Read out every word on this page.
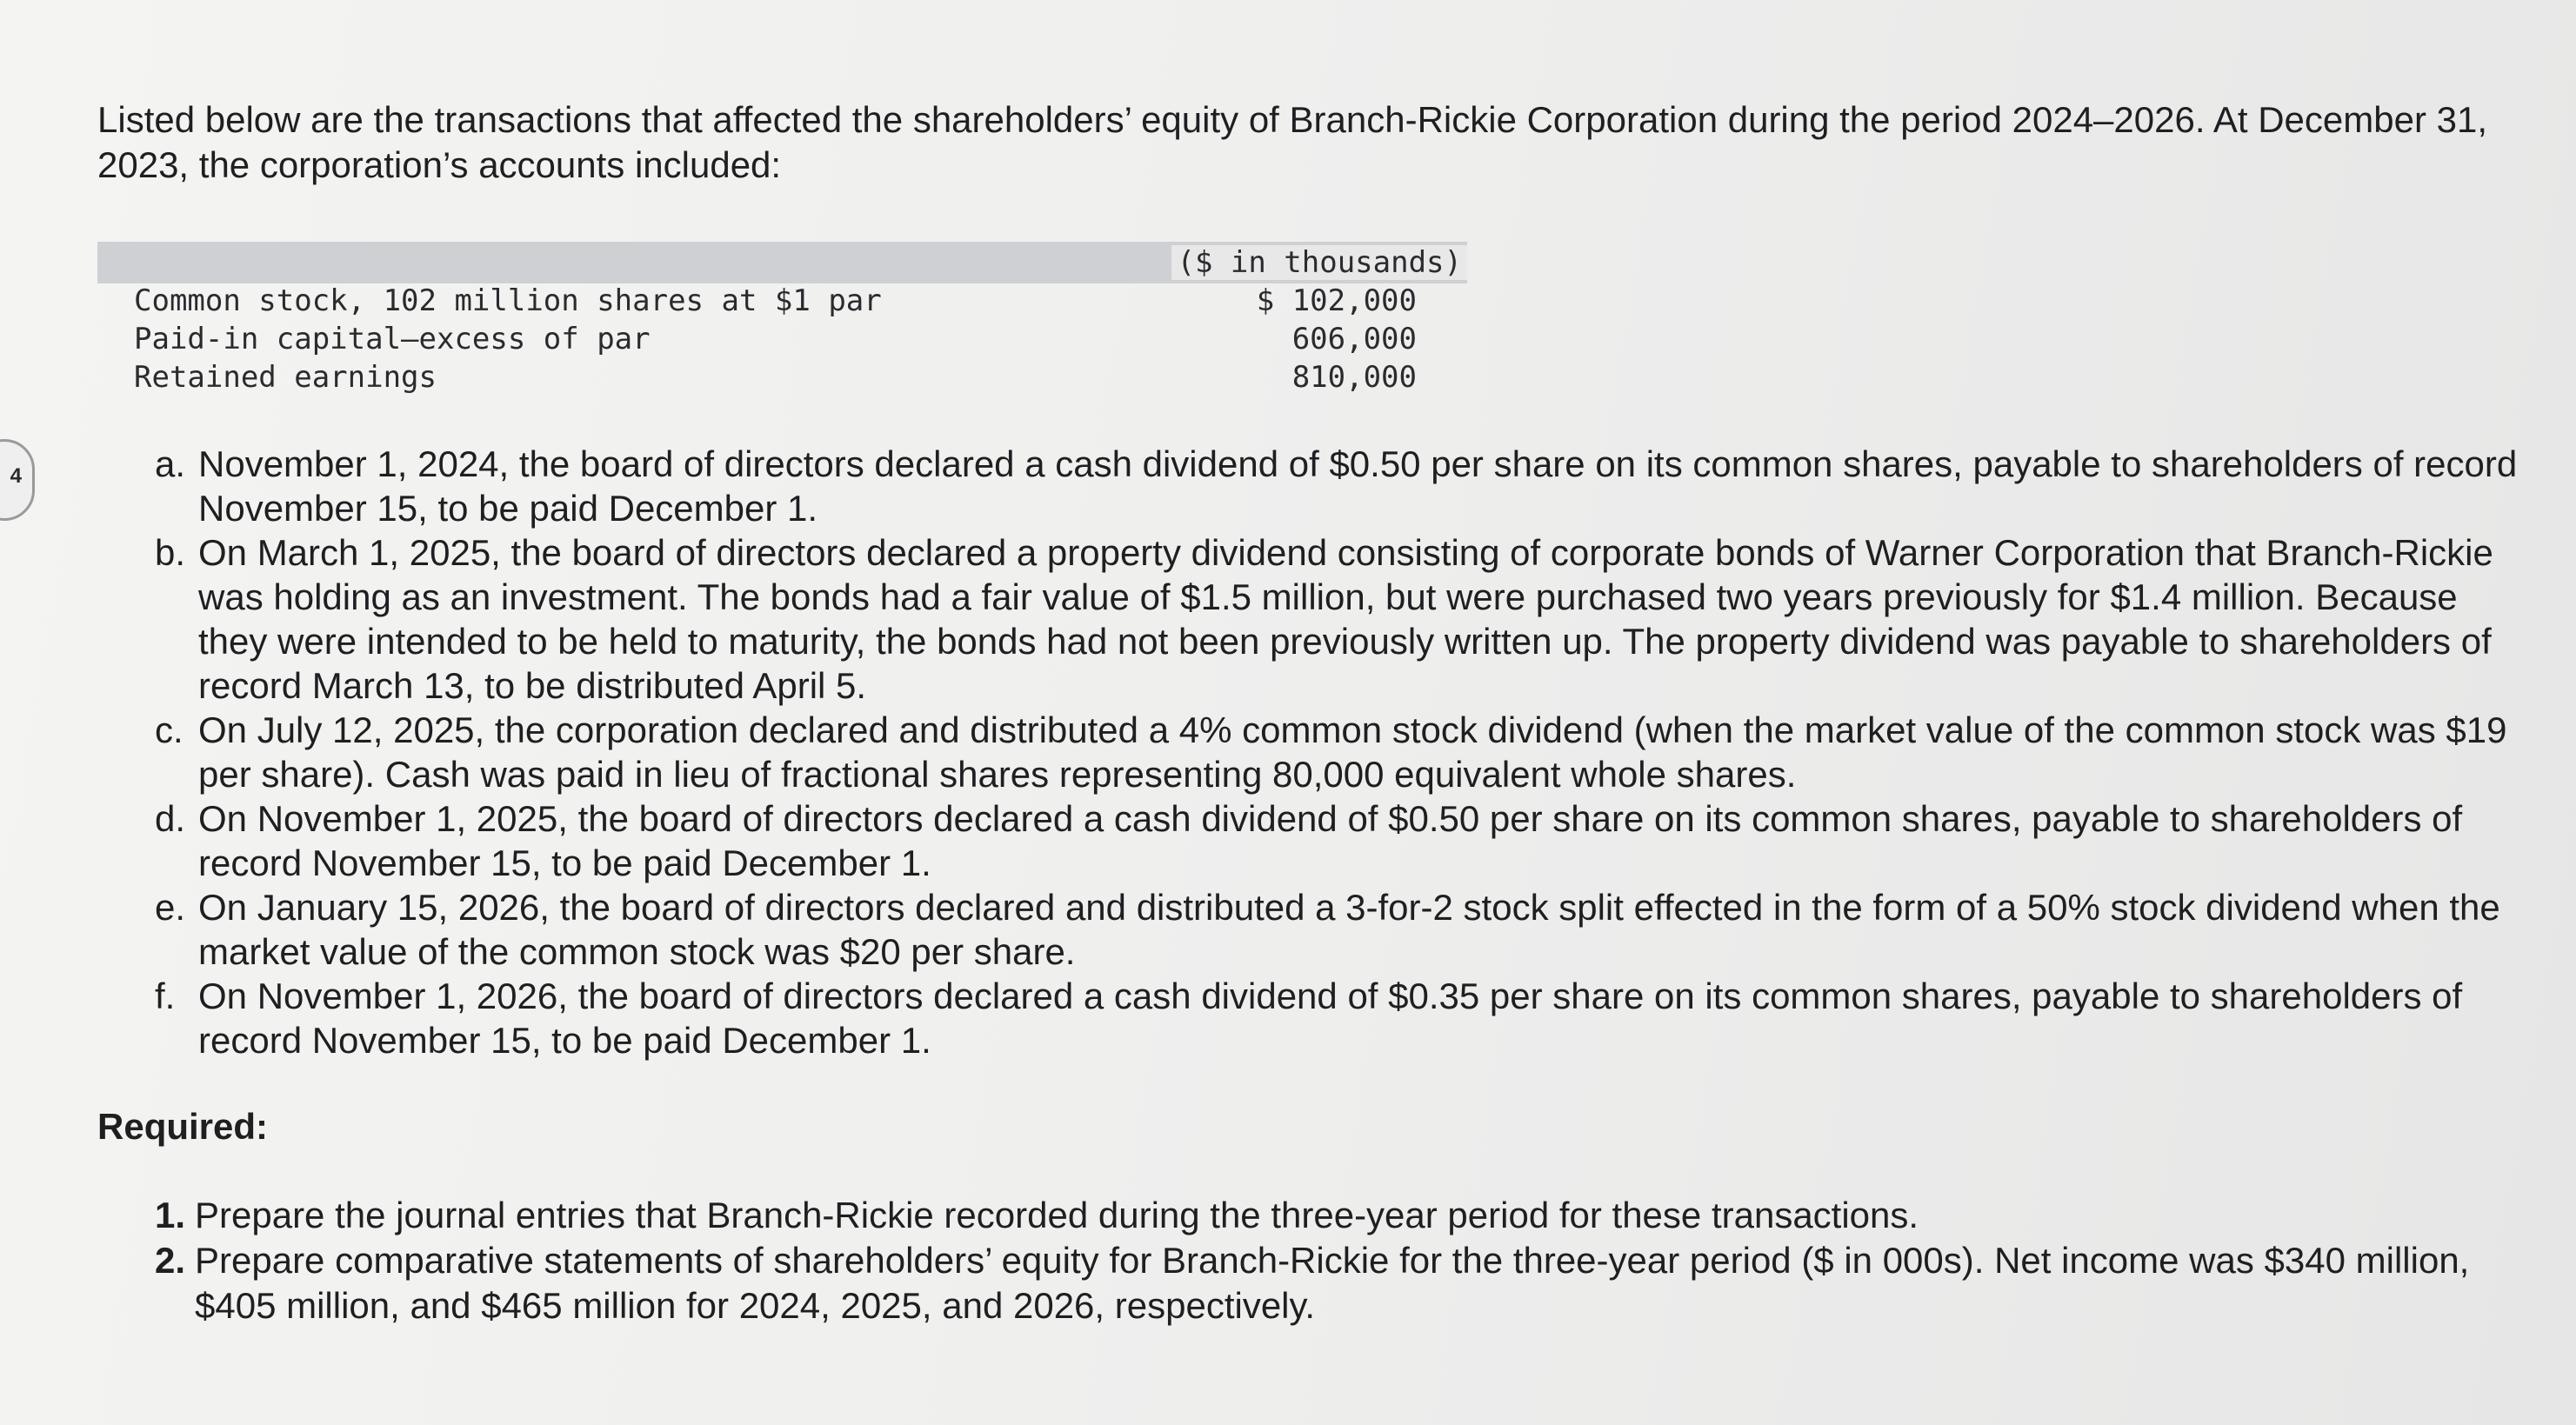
4

Listed below are the transactions that affected the shareholders’ equity of Branch-Rickie Corporation during the period 2024–2026. At December 31, 2023, the corporation’s accounts included:

($ in thousands)
Common stock, 102 million shares at $1 par	$ 102,000
Paid-in capital—excess of par	606,000
Retained earnings	810,000
a. November 1, 2024, the board of directors declared a cash dividend of $0.50 per share on its common shares, payable to shareholders of record November 15, to be paid December 1.
b. On March 1, 2025, the board of directors declared a property dividend consisting of corporate bonds of Warner Corporation that Branch-Rickie was holding as an investment. The bonds had a fair value of $1.5 million, but were purchased two years previously for $1.4 million. Because they were intended to be held to maturity, the bonds had not been previously written up. The property dividend was payable to shareholders of record March 13, to be distributed April 5.
c. On July 12, 2025, the corporation declared and distributed a 4% common stock dividend (when the market value of the common stock was $19 per share). Cash was paid in lieu of fractional shares representing 80,000 equivalent whole shares.
d. On November 1, 2025, the board of directors declared a cash dividend of $0.50 per share on its common shares, payable to shareholders of record November 15, to be paid December 1.
e. On January 15, 2026, the board of directors declared and distributed a 3-for-2 stock split effected in the form of a 50% stock dividend when the market value of the common stock was $20 per share.
f. On November 1, 2026, the board of directors declared a cash dividend of $0.35 per share on its common shares, payable to shareholders of record November 15, to be paid December 1.

Required:

1. Prepare the journal entries that Branch-Rickie recorded during the three-year period for these transactions.
2. Prepare comparative statements of shareholders’ equity for Branch-Rickie for the three-year period ($ in 000s). Net income was $340 million, $405 million, and $465 million for 2024, 2025, and 2026, respectively.
